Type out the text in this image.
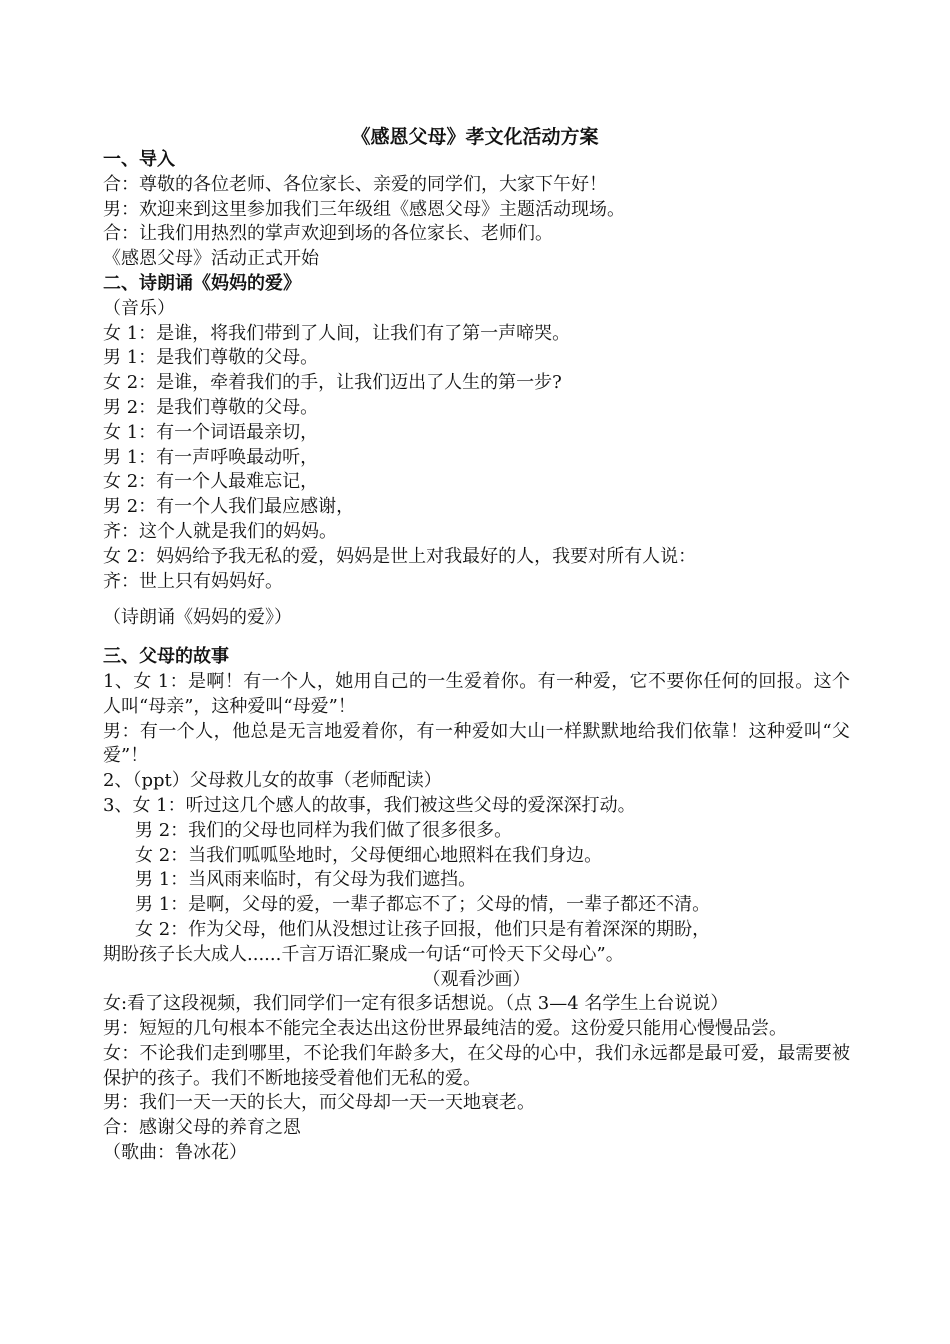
《感恩父母》孝文化活动方案
一、导入
合：尊敬的各位老师、各位家长、亲爱的同学们，大家下午好！
男：欢迎来到这里参加我们三年级组《感恩父母》主题活动现场。
合：让我们用热烈的掌声欢迎到场的各位家长、老师们。
《感恩父母》活动正式开始
二、诗朗诵《妈妈的爱》
（音乐）
女 1：是谁，将我们带到了人间，让我们有了第一声啼哭。
男 1：是我们尊敬的父母。
女 2：是谁，牵着我们的手，让我们迈出了人生的第一步?
男 2：是我们尊敬的父母。
女 1：有一个词语最亲切，
男 1：有一声呼唤最动听，
女 2：有一个人最难忘记，
男 2：有一个人我们最应感谢，
齐：这个人就是我们的妈妈。
女 2：妈妈给予我无私的爱，妈妈是世上对我最好的人，我要对所有人说：
齐：世上只有妈妈好。
（诗朗诵《妈妈的爱》）
三、父母的故事
1、女 1：是啊！有一个人，她用自己的一生爱着你。有一种爱，它不要你任何的回报。这个人叫“母亲”，这种爱叫“母爱”！
男：有一个人，他总是无言地爱着你，有一种爱如大山一样默默地给我们依靠！这种爱叫“父爱”！
2、（ppt）父母救儿女的故事（老师配读）
3、女 1：听过这几个感人的故事，我们被这些父母的爱深深打动。
男 2：我们的父母也同样为我们做了很多很多。
女 2：当我们呱呱坠地时，父母便细心地照料在我们身边。
男 1：当风雨来临时，有父母为我们遮挡。
男 1：是啊，父母的爱，一辈子都忘不了；父母的情，一辈子都还不清。
女 2：作为父母，他们从没想过让孩子回报，他们只是有着深深的期盼，
期盼孩子长大成人......千言万语汇聚成一句话“可怜天下父母心”。
（观看沙画）
女:看了这段视频，我们同学们一定有很多话想说。（点 3—4 名学生上台说说）
男：短短的几句根本不能完全表达出这份世界最纯洁的爱。这份爱只能用心慢慢品尝。
女：不论我们走到哪里，不论我们年龄多大，在父母的心中，我们永远都是最可爱，最需要被保护的孩子。我们不断地接受着他们无私的爱。
男：我们一天一天的长大，而父母却一天一天地衰老。
合：感谢父母的养育之恩
（歌曲：鲁冰花）
